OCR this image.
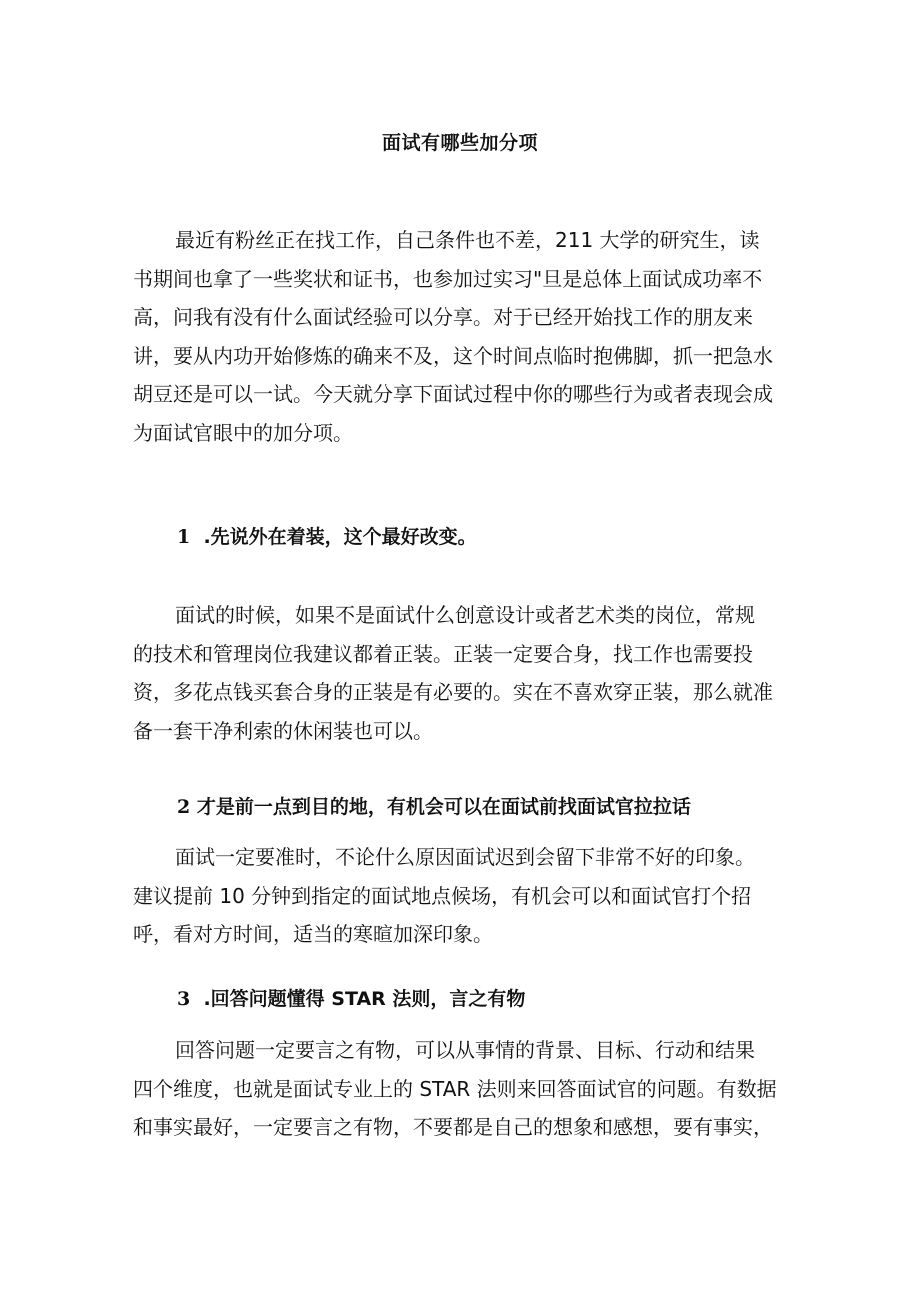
面试有哪些加分项
最近有粉丝正在找工作，自己条件也不差，211 大学的研究生，读
书期间也拿了一些奖状和证书，也参加过实习"旦是总体上面试成功率不
高，问我有没有什么面试经验可以分享。对于已经开始找工作的朋友来
讲，要从内功开始修炼的确来不及，这个时间点临时抱佛脚，抓一把急水
胡豆还是可以一试。今天就分享下面试过程中你的哪些行为或者表现会成
为面试官眼中的加分项。
1 .先说外在着装，这个最好改变。
面试的时候，如果不是面试什么创意设计或者艺术类的岗位，常规
的技术和管理岗位我建议都着正装。正装一定要合身，找工作也需要投
资，多花点钱买套合身的正装是有必要的。实在不喜欢穿正装，那么就准
备一套干净利索的休闲装也可以。
2 才是前一点到目的地，有机会可以在面试前找面试官拉拉话
面试一定要准时，不论什么原因面试迟到会留下非常不好的印象。
建议提前 10 分钟到指定的面试地点候场，有机会可以和面试官打个招
呼，看对方时间，适当的寒暄加深印象。
3 .回答问题懂得 STAR 法则，言之有物
回答问题一定要言之有物，可以从事情的背景、目标、行动和结果
四个维度，也就是面试专业上的 STAR 法则来回答面试官的问题。有数据
和事实最好，一定要言之有物，不要都是自己的想象和感想，要有事实，
